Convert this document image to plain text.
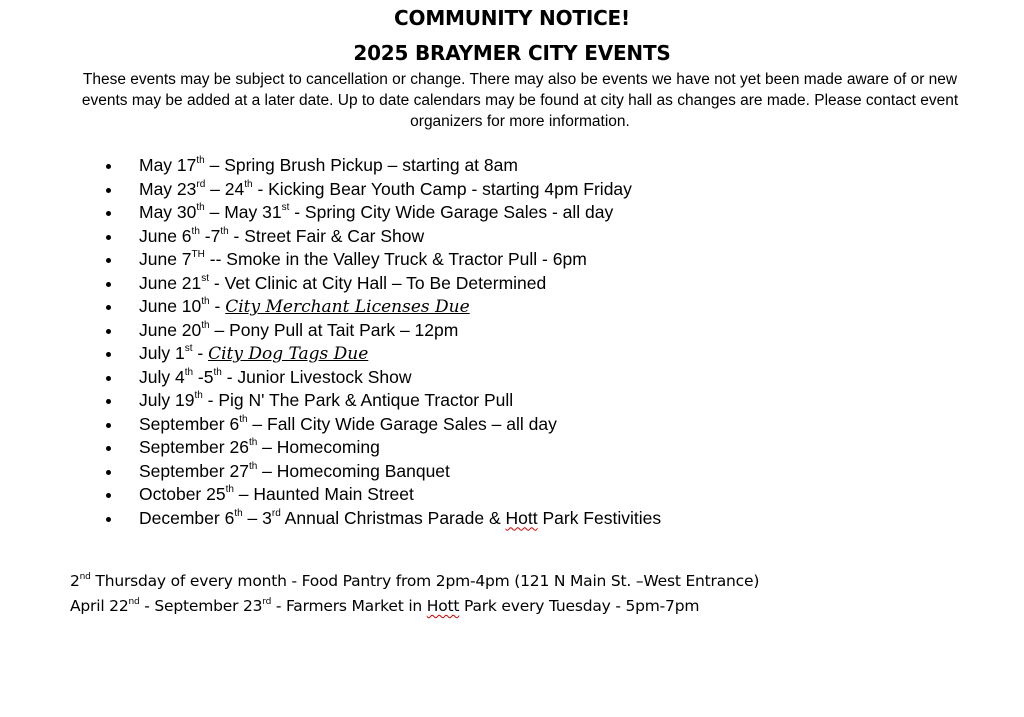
COMMUNITY NOTICE!
2025 BRAYMER CITY EVENTS
These events may be subject to cancellation or change. There may also be events we have not yet been made aware of or new events may be added at a later date. Up to date calendars may be found at city hall as changes are made. Please contact event organizers for more information.
May 17th – Spring Brush Pickup – starting at 8am
May 23rd – 24th - Kicking Bear Youth Camp - starting 4pm Friday
May 30th – May 31st - Spring City Wide Garage Sales - all day
June 6th -7th - Street Fair & Car Show
June 7TH -- Smoke in the Valley Truck & Tractor Pull - 6pm
June 21st - Vet Clinic at City Hall – To Be Determined
June 10th - City Merchant Licenses Due
June 20th – Pony Pull at Tait Park – 12pm
July 1st - City Dog Tags Due
July 4th -5th - Junior Livestock Show
July 19th - Pig N' The Park & Antique Tractor Pull
September 6th – Fall City Wide Garage Sales – all day
September 26th – Homecoming
September 27th – Homecoming Banquet
October 25th – Haunted Main Street
December 6th – 3rd Annual Christmas Parade & Hott Park Festivities
2nd Thursday of every month - Food Pantry from 2pm-4pm (121 N Main St. –West Entrance)
April 22nd - September 23rd - Farmers Market in Hott Park every Tuesday - 5pm-7pm
